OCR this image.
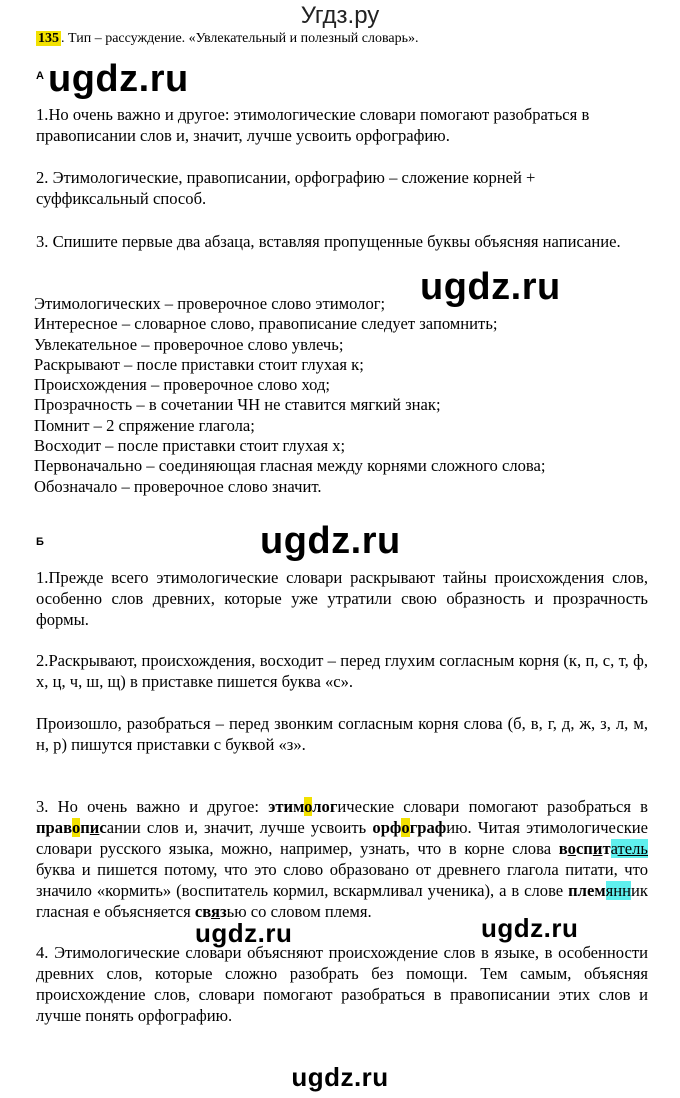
Угдз.ру
135 . Тип – рассуждение. «Увлекательный и полезный словарь».
А ugdz.ru

1.Но очень важно и другое: этимологические словари помогают разобраться в правописании слов и, значит, лучше усвоить орфографию.

2. Этимологические, правописании, орфографию – сложение корней + суффиксальный способ.

3. Спишите первые два абзаца, вставляя пропущенные буквы объясняя написание.

ugdz.ru
Этимологических – проверочное слово этимолог;
Интересное – словарное слово, правописание следует запомнить;
Увлекательное – проверочное слово увлечь;
Раскрывают – после приставки стоит глухая к;
Происхождения – проверочное слово ход;
Прозрачность – в сочетании ЧН не ставится мягкий знак;
Помнит – 2 спряжение глагола;
Восходит – после приставки стоит глухая х;
Первоначально – соединяющая гласная между корнями сложного слова;
Обозначало – проверочное слово значит.
Б	ugdz.ru

1.Прежде всего этимологические словари раскрывают тайны происхождения слов, особенно слов древних, которые уже утратили свою образность и прозрачность формы.

2.Раскрывают, происхождения, восходит – перед глухим согласным корня (к, п, с, т, ф, х, ц, ч, ш, щ) в приставке пишется буква «с».

Произошло, разобраться – перед звонким согласным корня слова (б, в, г, д, ж, з, л, м, н, р) пишутся приставки с буквой «з».

3. Но очень важно и другое: этимологические словари помогают разобраться в правописании слов и, значит, лучше усвоить орфографию. Читая этимологические словари русского языка, можно, например, узнать, что в корне слова воспитатель буква и пишется потому, что это слово образовано от древнего глагола питати, что значило «кормить» (воспитатель кормил, вскармливал ученика), а в слове племянник гласная е объясняется связью со словом племя.

ugdz.ru	ugdz.ru

4. Этимологические словари объясняют происхождение слов в языке, в особенности древних слов, которые сложно разобрать без помощи. Тем самым, объясняя происхождение слов, словари помогают разобраться в правописании этих слов и лучше понять орфографию.

ugdz.ru
